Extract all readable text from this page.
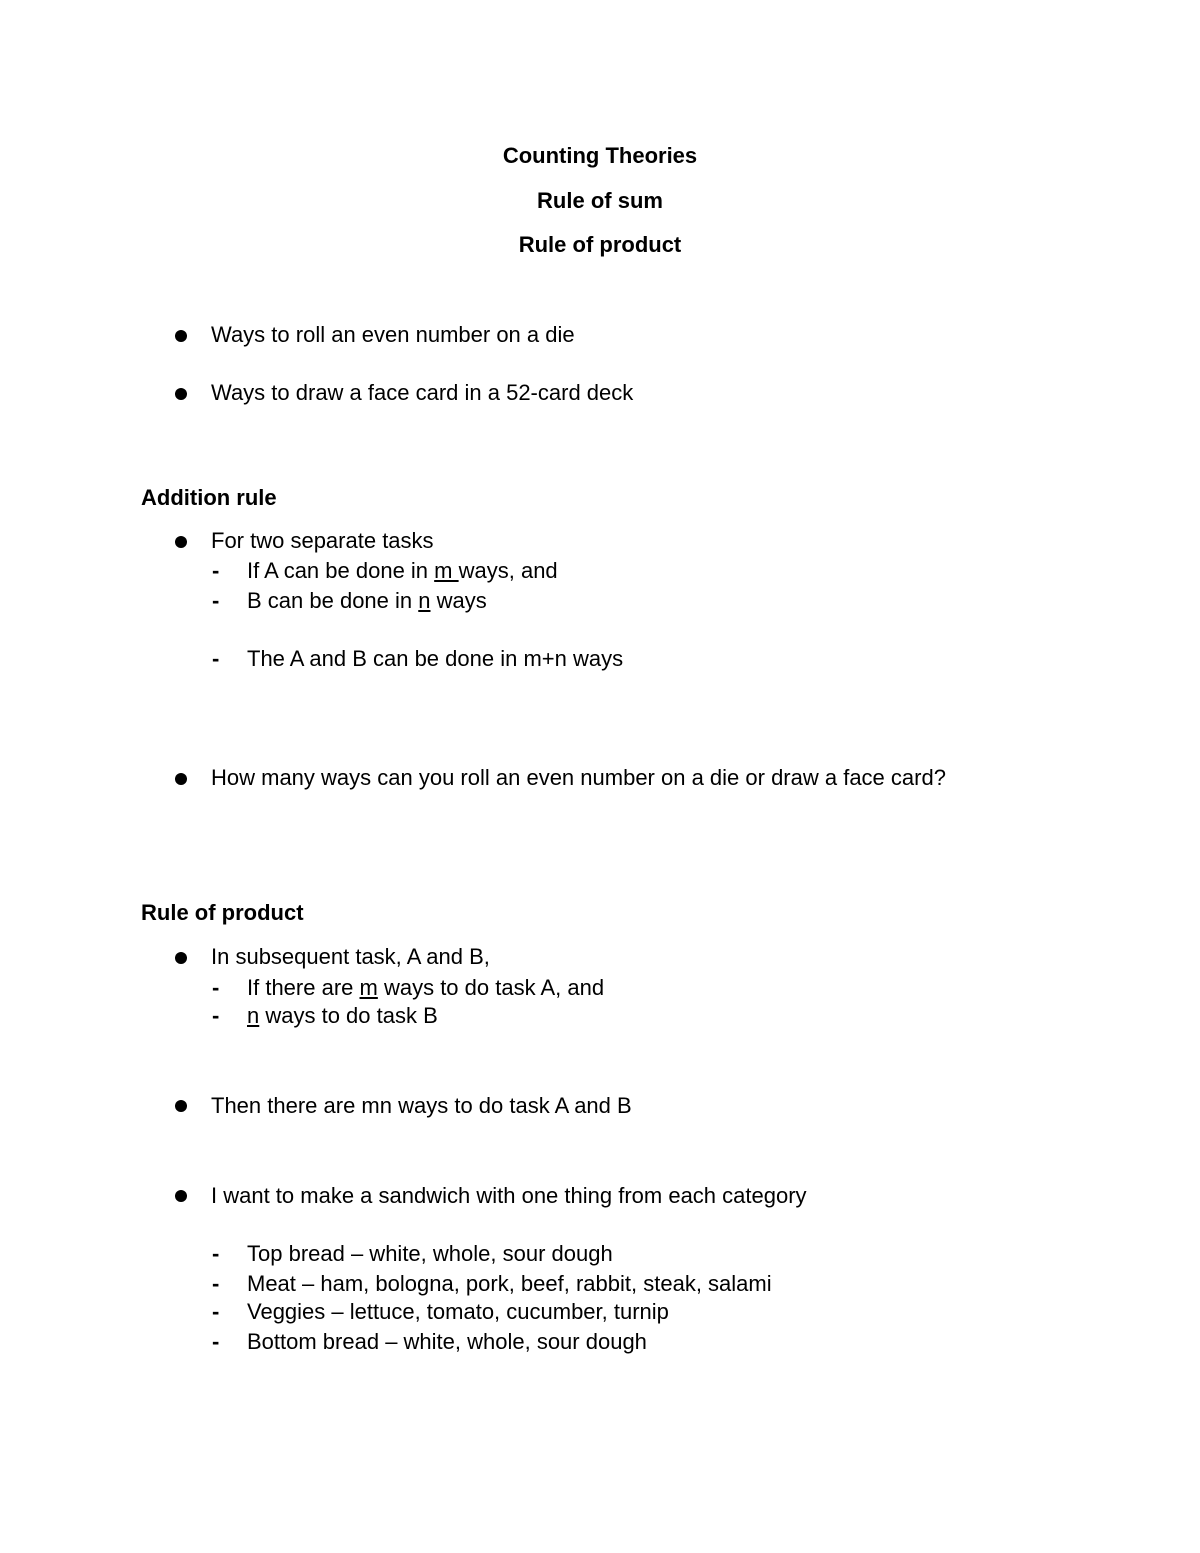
Counting Theories
Rule of sum
Rule of product
Ways to roll an even number on a die
Ways to draw a face card in a 52-card deck
Addition rule
For two separate tasks
- If A can be done in m ways, and
- B can be done in n ways
- The A and B can be done in m+n ways
How many ways can you roll an even number on a die or draw a face card?
Rule of product
In subsequent task, A and B,
- If there are m ways to do task A, and
- n ways to do task B
Then there are mn ways to do task A and B
I want to make a sandwich with one thing from each category
- Top bread – white, whole, sour dough
- Meat – ham, bologna, pork, beef, rabbit, steak, salami
- Veggies – lettuce, tomato, cucumber, turnip
- Bottom bread – white, whole, sour dough
